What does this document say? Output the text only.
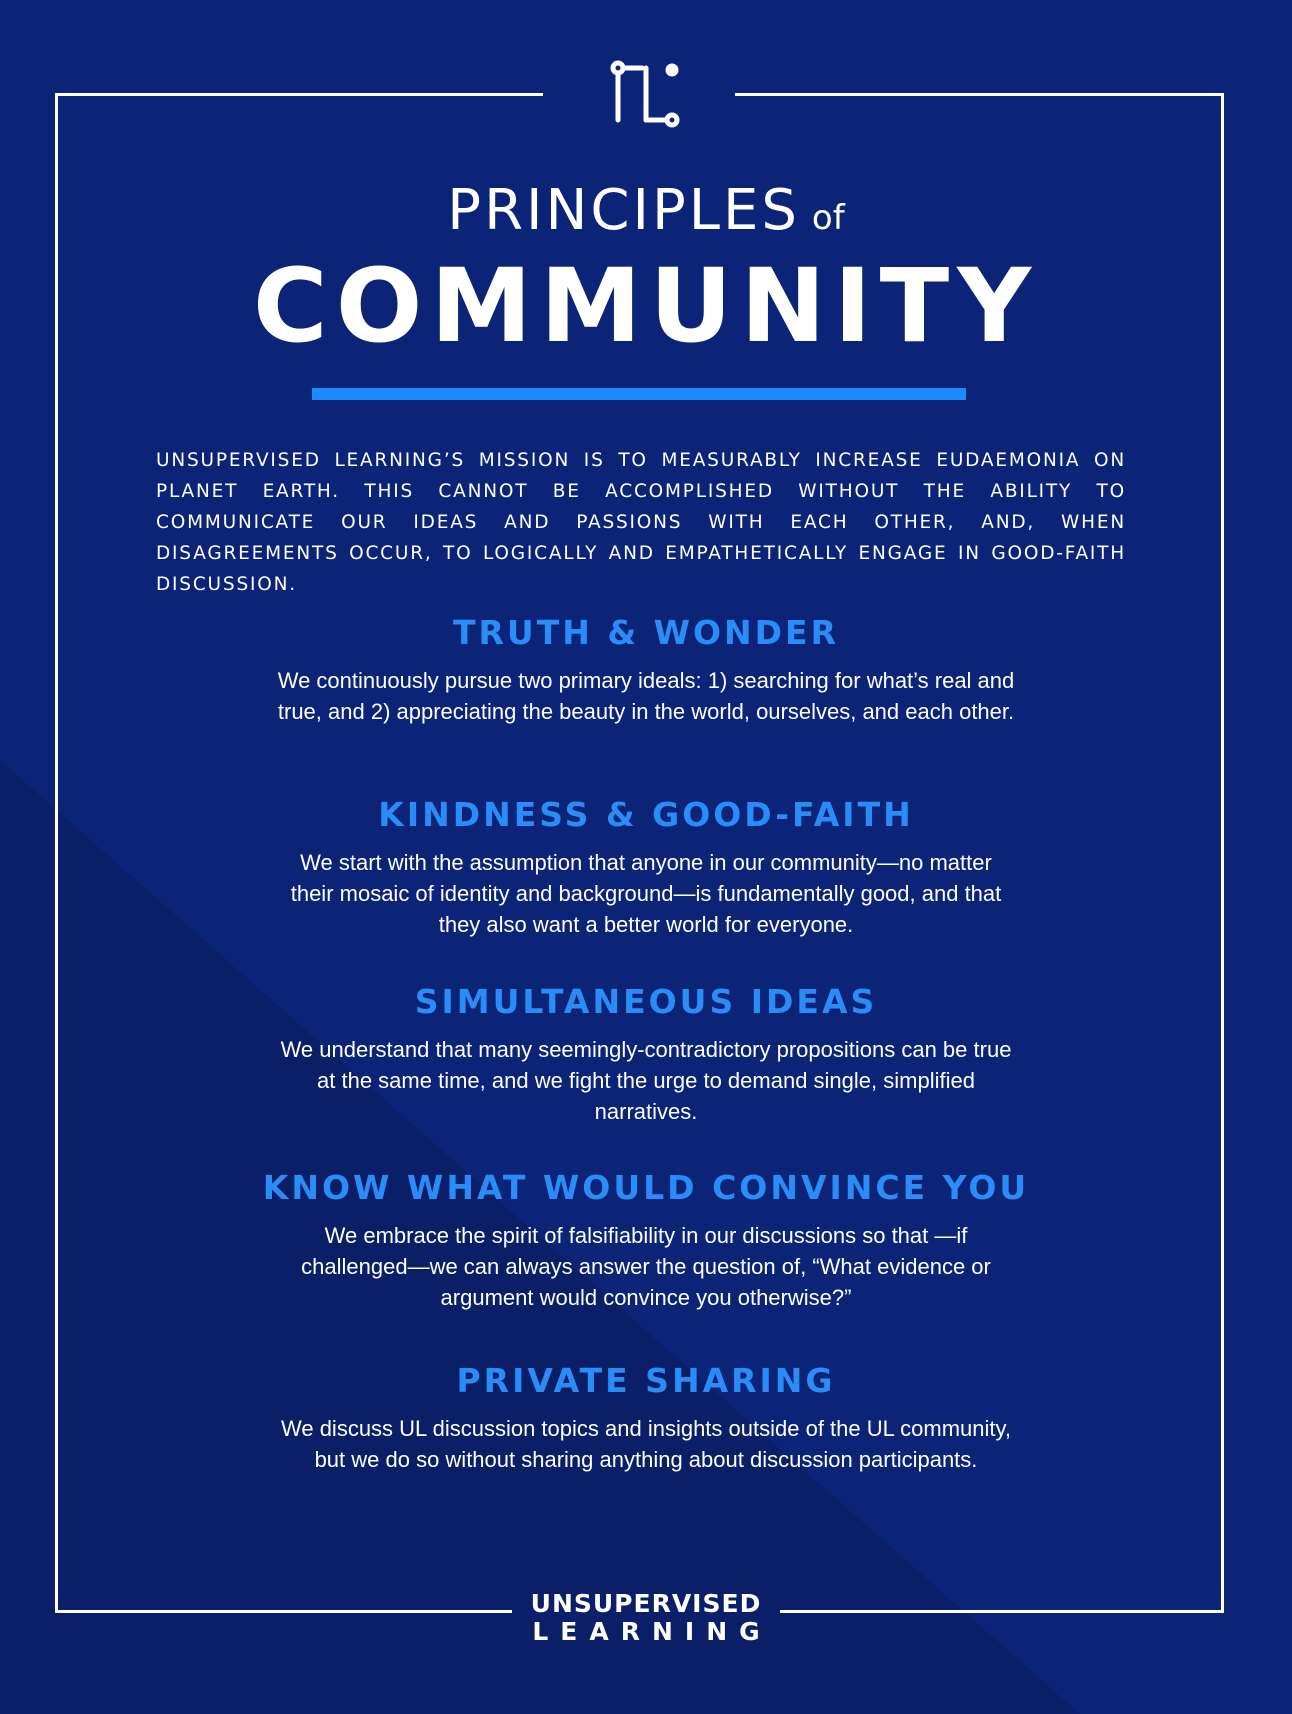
PRINCIPLES of
COMMUNITY
UNSUPERVISED LEARNING’S MISSION IS TO MEASURABLY INCREASE EUDAEMONIA ON PLANET EARTH. THIS CANNOT BE ACCOMPLISHED WITHOUT THE ABILITY TO COMMUNICATE OUR IDEAS AND PASSIONS WITH EACH OTHER, AND, WHEN DISAGREEMENTS OCCUR, TO LOGICALLY AND EMPATHETICALLY ENGAGE IN GOOD-FAITH DISCUSSION.
TRUTH & WONDER
We continuously pursue two primary ideals: 1) searching for what’s real and true, and 2) appreciating the beauty in the world, ourselves, and each other.
KINDNESS & GOOD-FAITH
We start with the assumption that anyone in our community—no matter their mosaic of identity and background—is fundamentally good, and that they also want a better world for everyone.
SIMULTANEOUS IDEAS
We understand that many seemingly-contradictory propositions can be true at the same time, and we fight the urge to demand single, simplified narratives.
KNOW WHAT WOULD CONVINCE YOU
We embrace the spirit of falsifiability in our discussions so that —if challenged—we can always answer the question of, “What evidence or argument would convince you otherwise?”
PRIVATE SHARING
We discuss UL discussion topics and insights outside of the UL community, but we do so without sharing anything about discussion participants.
UNSUPERVISED
LEARNING
